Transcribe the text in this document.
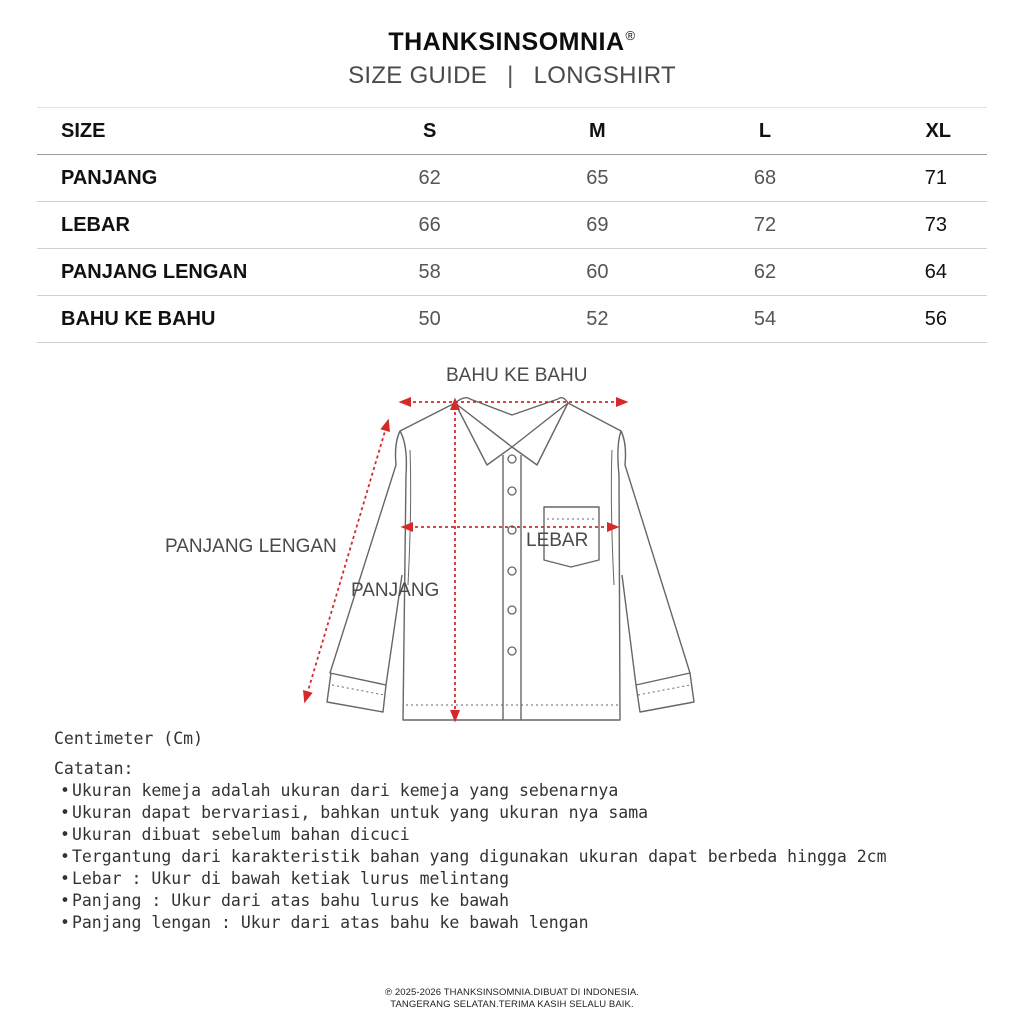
THANKSINSOMNIA®
SIZE GUIDE | LONGSHIRT
SIZE	S	M	L	XL
PANJANG	62	65	68	71
LEBAR	66	69	72	73
PANJANG LENGAN	58	60	62	64
BAHU KE BAHU	50	52	54	56
BAHU KE BAHU
PANJANG LENGAN	LEBAR
PANJANG
Centimeter (Cm)
Catatan:
• Ukuran kemeja adalah ukuran dari kemeja yang sebenarnya
• Ukuran dapat bervariasi, bahkan untuk yang ukuran nya sama
• Ukuran dibuat sebelum bahan dicuci
• Tergantung dari karakteristik bahan yang digunakan ukuran dapat berbeda hingga 2cm
• Lebar : Ukur di bawah ketiak lurus melintang
• Panjang : Ukur dari atas bahu lurus ke bawah
• Panjang lengan : Ukur dari atas bahu ke bawah lengan
℗ 2025-2026 THANKSINSOMNIA.DIBUAT DI INDONESIA.
TANGERANG SELATAN.TERIMA KASIH SELALU BAIK.
